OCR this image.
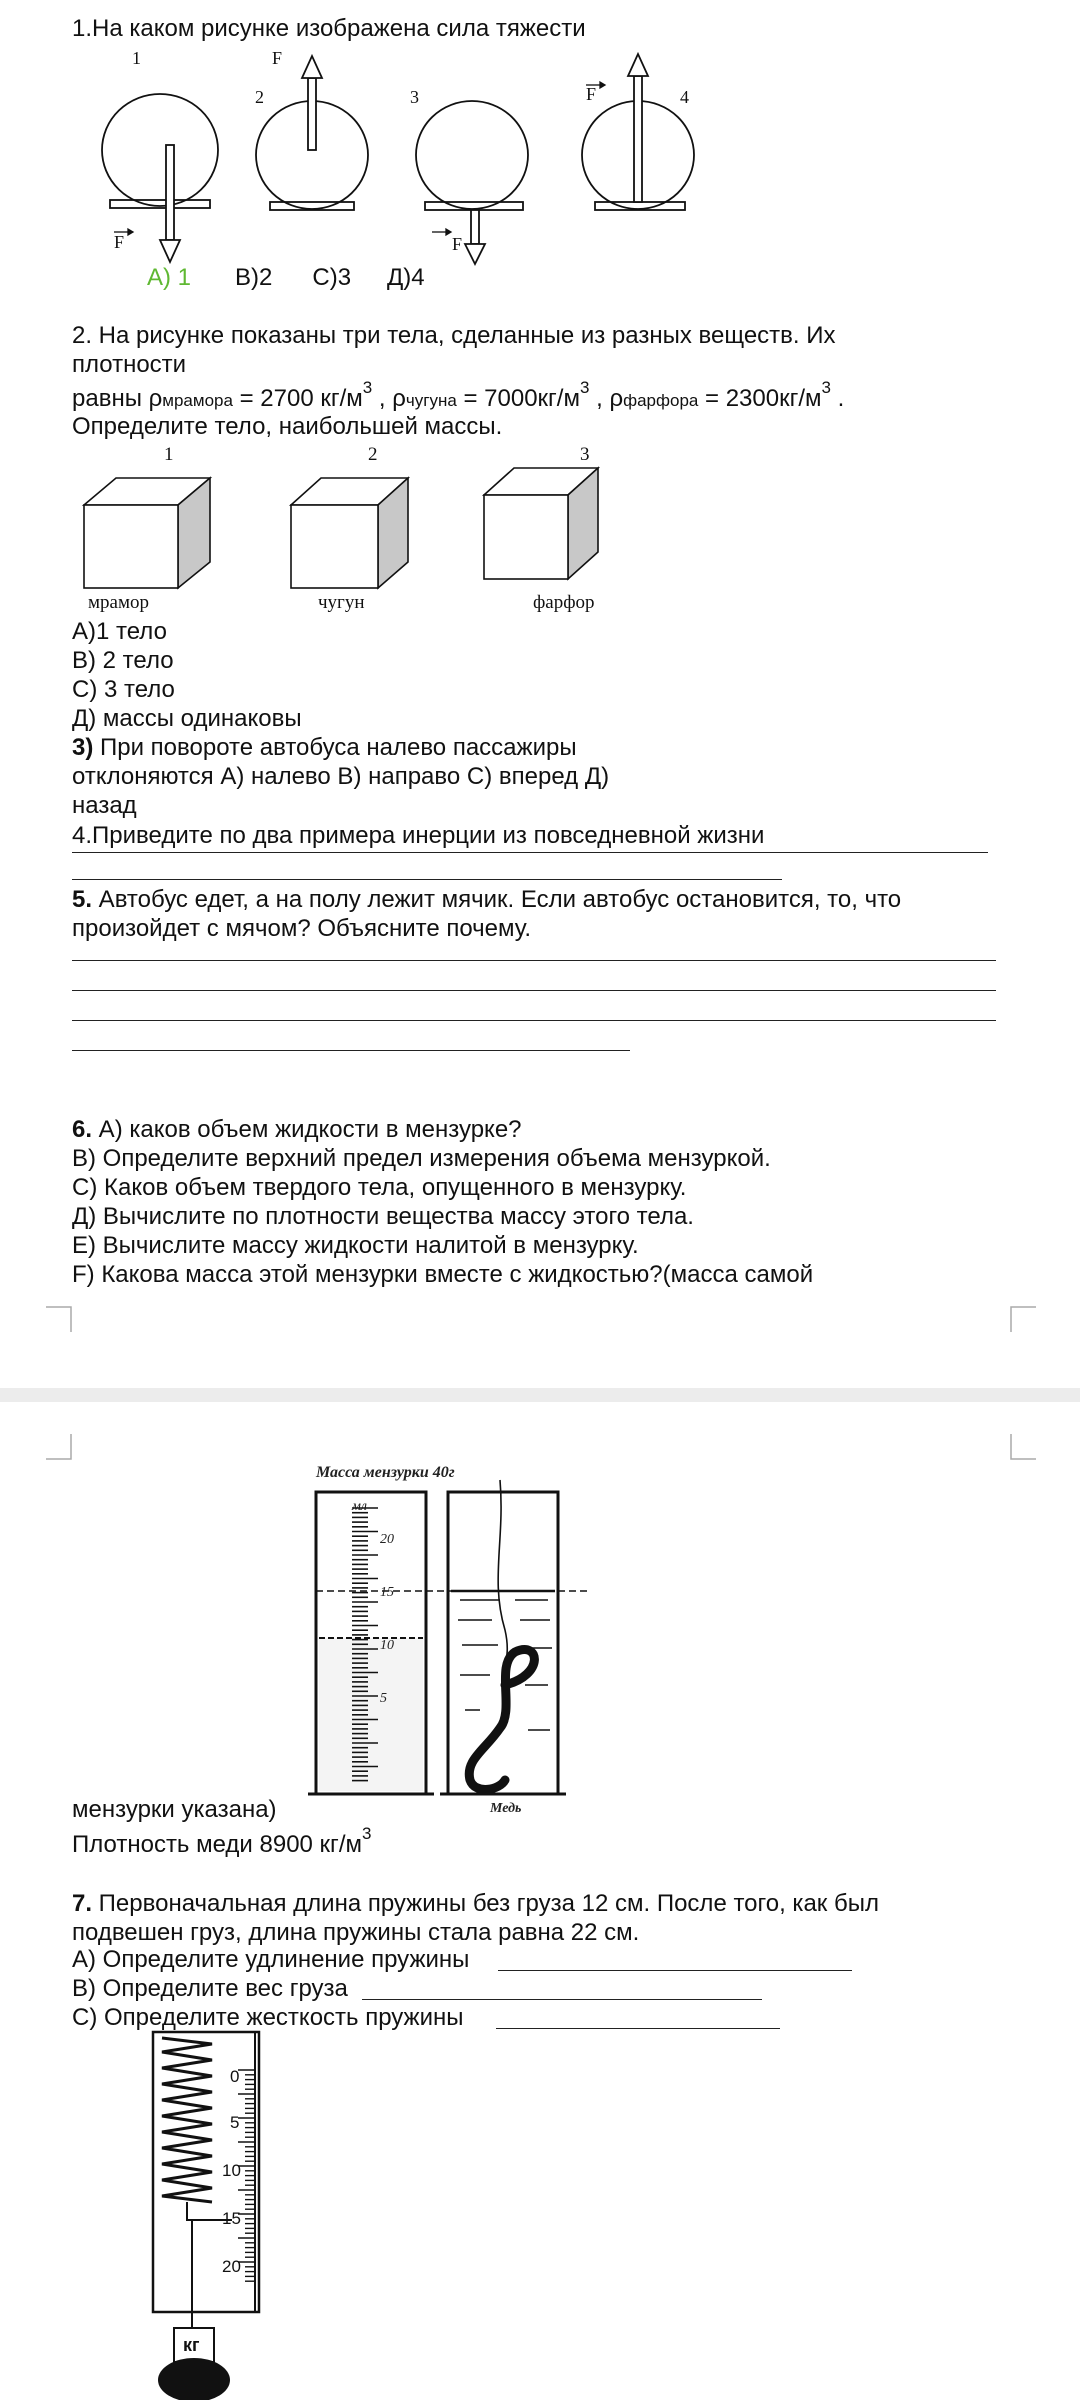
1.На каком рисунке изображена сила тяжести
1
2	3	4
F
F
F
F
А) 1 В)2 С)3 Д)4
2. На рисунке показаны три тела, сделанные из разных веществ. Их
плотности
равны ρмрамора = 2700 $кг/м^3$ , ρчугуна = $7000кг/м^3$ , ρфарфора = $2300кг/м^3$ .
Определите тело, наибольшей массы.
1	2	3
мрамор	чугун	фарфор
А)1 тело
В) 2 тело
С) 3 тело
Д) массы одинаковы
3) При повороте автобуса налево пассажиры
отклоняются А) налево В) направо С) вперед Д)
назад
4.Приведите по два примера инерции из повседневной жизни
5. Автобус едет, а на полу лежит мячик. Если автобус остановится, то, что
произойдет с мячом? Объясните почему.
6. А) каков объем жидкости в мензурке?
В) Определите верхний предел измерения объема мензуркой.
С) Каков объем твердого тела, опущенного в мензурку.
Д) Вычислите по плотности вещества массу этого тела.
Е) Вычислите массу жидкости налитой в мензурку.
F) Какова масса этой мензурки вместе с жидкостью?(масса самой
Масса мензурки 40г
мл
20
15
10
5
Медь
мензурки указана)
Плотность меди 8900 $кг/м^3$
7. Первоначальная длина пружины без груза 12 см. После того, как был
подвешен груз, длина пружины стала равна 22 см.
А) Определите удлинение пружины
В) Определите вес груза
С) Определите жесткость пружины
0
5
10
15
20
кг
